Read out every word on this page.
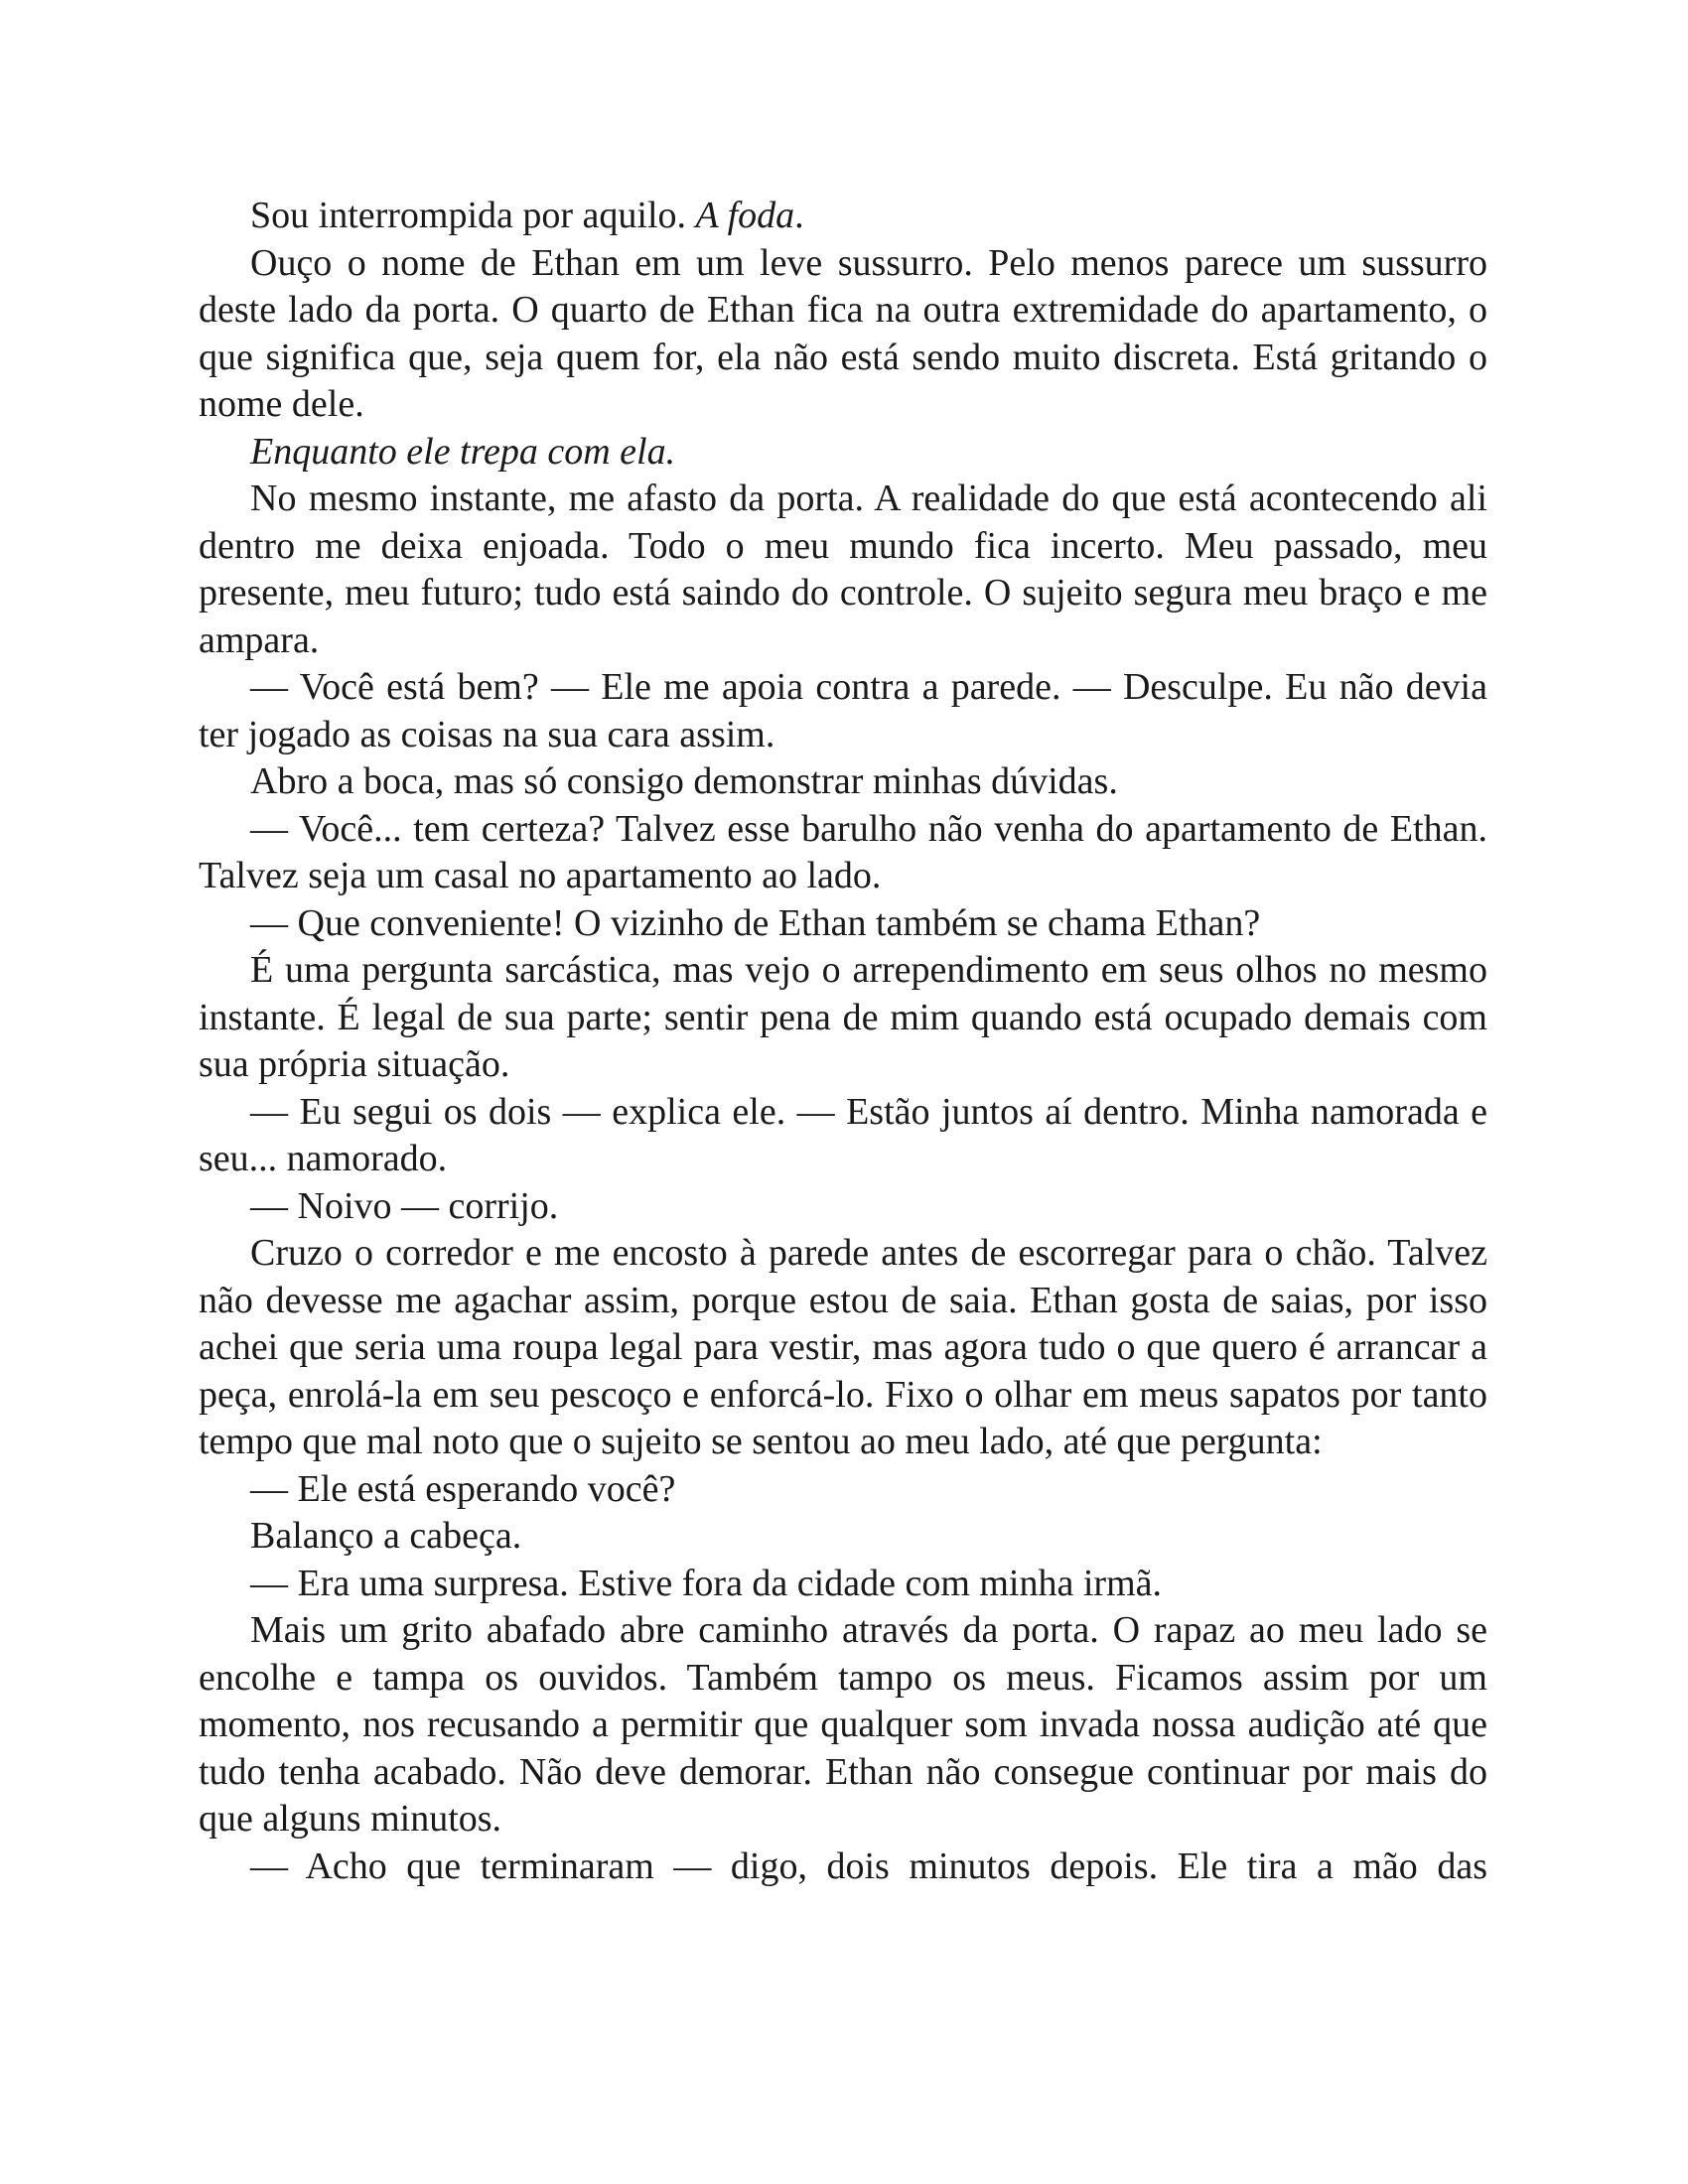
Sou interrompida por aquilo. A foda.

Ouço o nome de Ethan em um leve sussurro. Pelo menos parece um sussurro deste lado da porta. O quarto de Ethan fica na outra extremidade do apartamento, o que significa que, seja quem for, ela não está sendo muito discreta. Está gritando o nome dele.

Enquanto ele trepa com ela.

No mesmo instante, me afasto da porta. A realidade do que está acontecendo ali dentro me deixa enjoada. Todo o meu mundo fica incerto. Meu passado, meu presente, meu futuro; tudo está saindo do controle. O sujeito segura meu braço e me ampara.

— Você está bem? — Ele me apoia contra a parede. — Desculpe. Eu não devia ter jogado as coisas na sua cara assim.

Abro a boca, mas só consigo demonstrar minhas dúvidas.

— Você... tem certeza? Talvez esse barulho não venha do apartamento de Ethan. Talvez seja um casal no apartamento ao lado.

— Que conveniente! O vizinho de Ethan também se chama Ethan?

É uma pergunta sarcástica, mas vejo o arrependimento em seus olhos no mesmo instante. É legal de sua parte; sentir pena de mim quando está ocupado demais com sua própria situação.

— Eu segui os dois — explica ele. — Estão juntos aí dentro. Minha namorada e seu... namorado.

— Noivo — corrijo.

Cruzo o corredor e me encosto à parede antes de escorregar para o chão. Talvez não devesse me agachar assim, porque estou de saia. Ethan gosta de saias, por isso achei que seria uma roupa legal para vestir, mas agora tudo o que quero é arrancar a peça, enrolá-la em seu pescoço e enforcá-lo. Fixo o olhar em meus sapatos por tanto tempo que mal noto que o sujeito se sentou ao meu lado, até que pergunta:

— Ele está esperando você?

Balanço a cabeça.

— Era uma surpresa. Estive fora da cidade com minha irmã.

Mais um grito abafado abre caminho através da porta. O rapaz ao meu lado se encolhe e tampa os ouvidos. Também tampo os meus. Ficamos assim por um momento, nos recusando a permitir que qualquer som invada nossa audição até que tudo tenha acabado. Não deve demorar. Ethan não consegue continuar por mais do que alguns minutos.

— Acho que terminaram — digo, dois minutos depois. Ele tira a mão das
